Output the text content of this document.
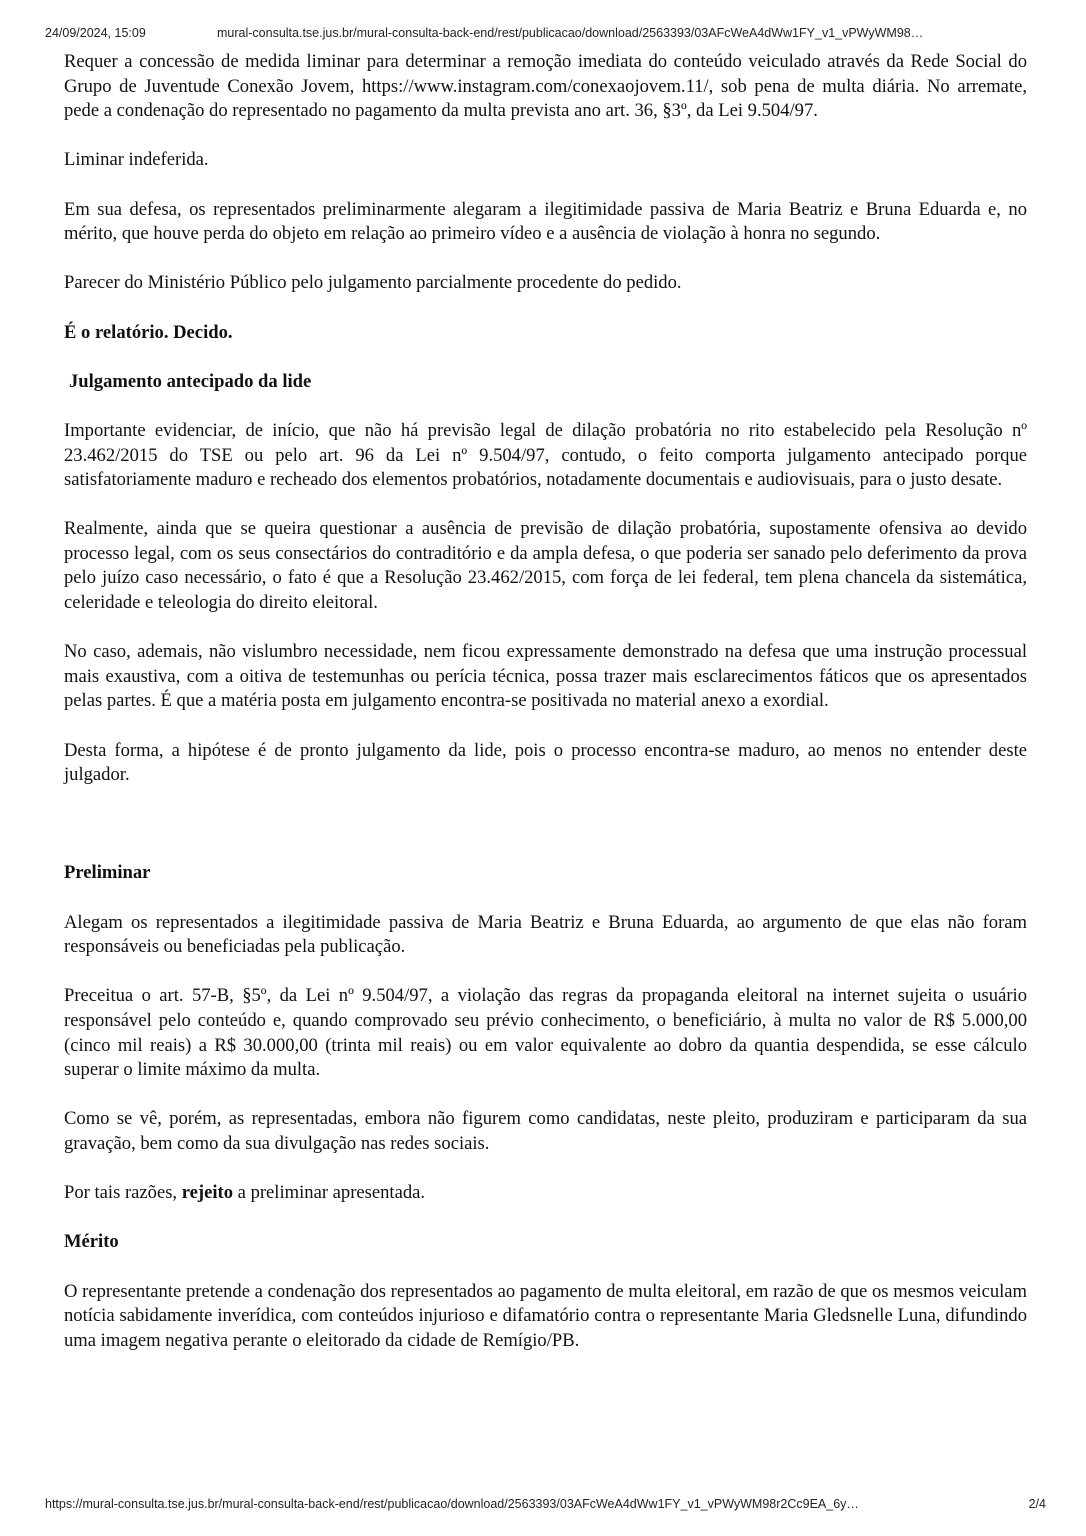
24/09/2024, 15:09	mural-consulta.tse.jus.br/mural-consulta-back-end/rest/publicacao/download/2563393/03AFcWeA4dWw1FY_v1_vPWyWM98…

Requer a concessão de medida liminar para determinar a remoção imediata do conteúdo veiculado através da Rede Social do Grupo de Juventude Conexão Jovem, https://www.instagram.com/conexaojovem.11/, sob pena de multa diária. No arremate, pede a condenação do representado no pagamento da multa prevista ano art. 36, §3º, da Lei 9.504/97.

Liminar indeferida.

Em sua defesa, os representados preliminarmente alegaram a ilegitimidade passiva de Maria Beatriz e Bruna Eduarda e, no mérito, que houve perda do objeto em relação ao primeiro vídeo e a ausência de violação à honra no segundo.

Parecer do Ministério Público pelo julgamento parcialmente procedente do pedido.

É o relatório. Decido.

Julgamento antecipado da lide

Importante evidenciar, de início, que não há previsão legal de dilação probatória no rito estabelecido pela Resolução nº 23.462/2015 do TSE ou pelo art. 96 da Lei nº 9.504/97, contudo, o feito comporta julgamento antecipado porque satisfatoriamente maduro e recheado dos elementos probatórios, notadamente documentais e audiovisuais, para o justo desate.

Realmente, ainda que se queira questionar a ausência de previsão de dilação probatória, supostamente ofensiva ao devido processo legal, com os seus consectários do contraditório e da ampla defesa, o que poderia ser sanado pelo deferimento da prova pelo juízo caso necessário, o fato é que a Resolução 23.462/2015, com força de lei federal, tem plena chancela da sistemática, celeridade e teleologia do direito eleitoral.

No caso, ademais, não vislumbro necessidade, nem ficou expressamente demonstrado na defesa que uma instrução processual mais exaustiva, com a oitiva de testemunhas ou perícia técnica, possa trazer mais esclarecimentos fáticos que os apresentados pelas partes. É que a matéria posta em julgamento encontra-se positivada no material anexo a exordial.

Desta forma, a hipótese é de pronto julgamento da lide, pois o processo encontra-se maduro, ao menos no entender deste julgador.

Preliminar

Alegam os representados a ilegitimidade passiva de Maria Beatriz e Bruna Eduarda, ao argumento de que elas não foram responsáveis ou beneficiadas pela publicação.

Preceitua o art. 57-B, §5º, da Lei nº 9.504/97, a violação das regras da propaganda eleitoral na internet sujeita o usuário responsável pelo conteúdo e, quando comprovado seu prévio conhecimento, o beneficiário, à multa no valor de R$ 5.000,00 (cinco mil reais) a R$ 30.000,00 (trinta mil reais) ou em valor equivalente ao dobro da quantia despendida, se esse cálculo superar o limite máximo da multa.

Como se vê, porém, as representadas, embora não figurem como candidatas, neste pleito, produziram e participaram da sua gravação, bem como da sua divulgação nas redes sociais.

Por tais razões, rejeito a preliminar apresentada.

Mérito

O representante pretende a condenação dos representados ao pagamento de multa eleitoral, em razão de que os mesmos veiculam notícia sabidamente inverídica, com conteúdos injurioso e difamatório contra o representante Maria Gledsnelle Luna, difundindo uma imagem negativa perante o eleitorado da cidade de Remígio/PB.

https://mural-consulta.tse.jus.br/mural-consulta-back-end/rest/publicacao/download/2563393/03AFcWeA4dWw1FY_v1_vPWyWM98r2Cc9EA_6y…	2/4
